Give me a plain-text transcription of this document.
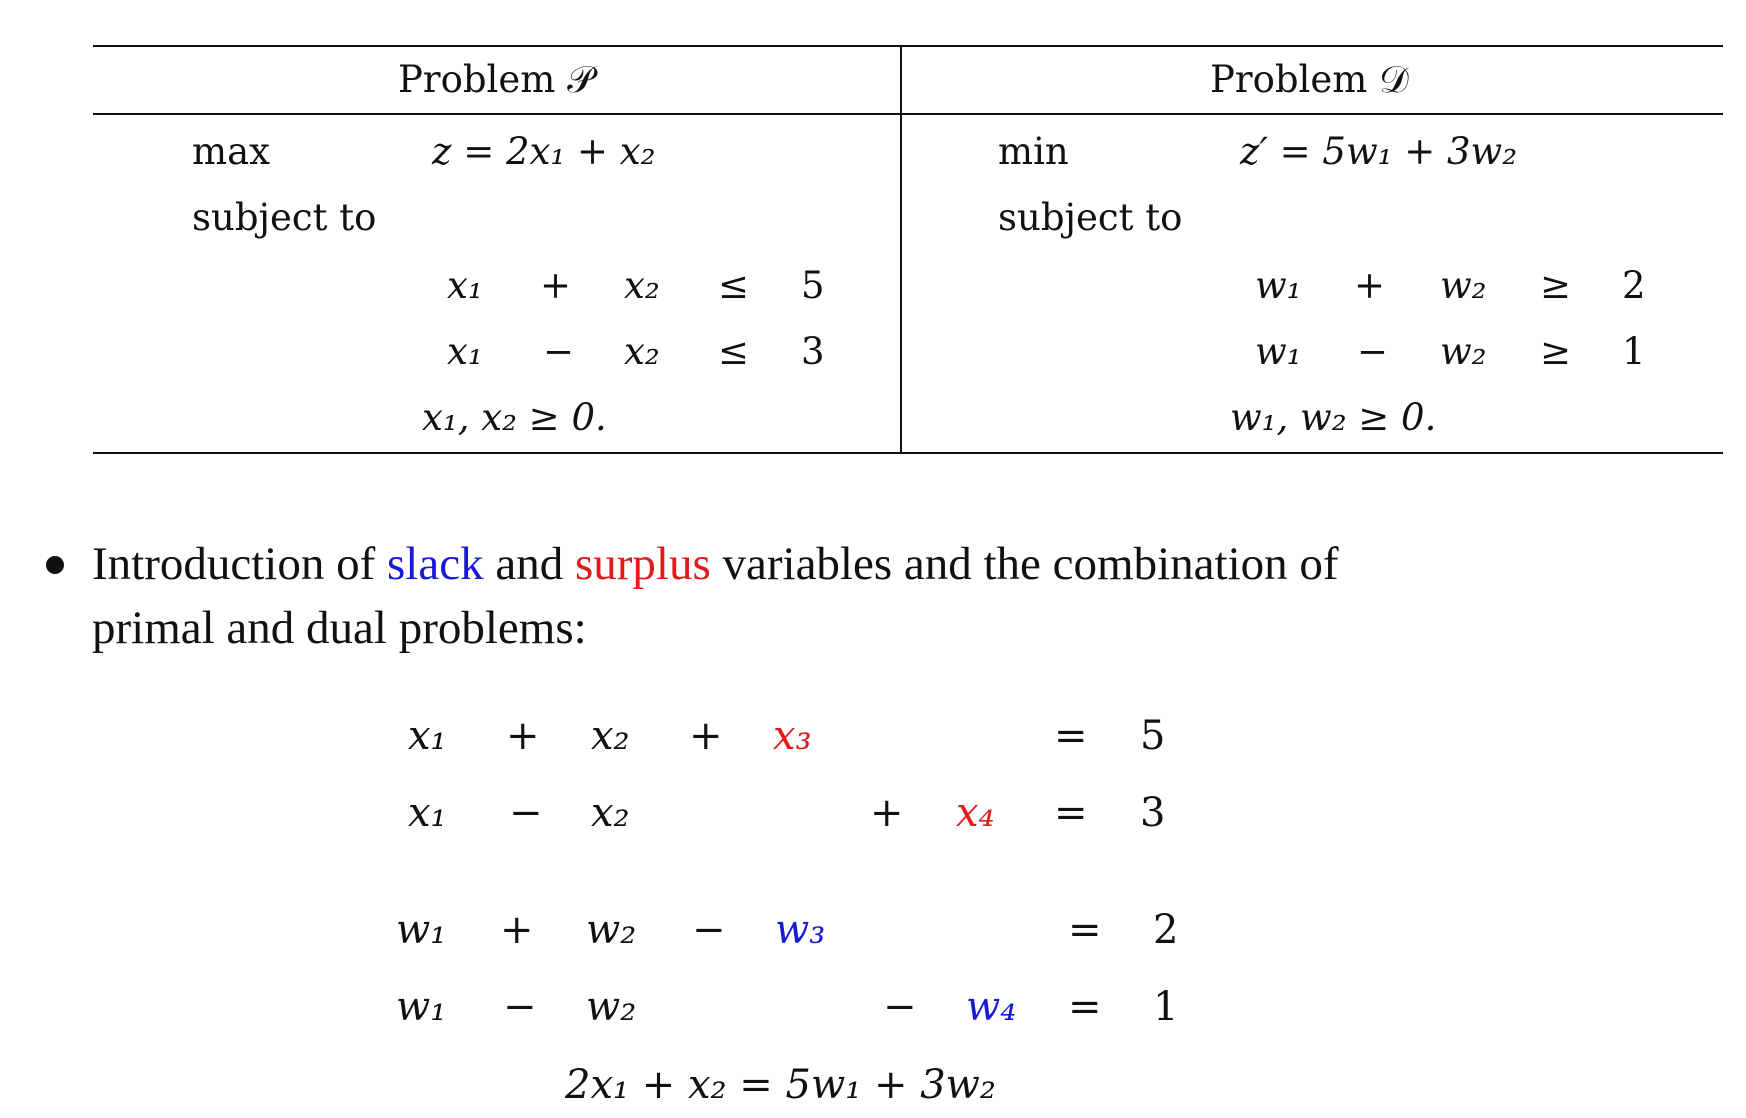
Problem 𝒫	Problem 𝒟
max	z = 2x₁ + x₂
subject to
x₁ + x₂ ≤ 5
x₁ − x₂ ≤ 3
x₁, x₂ ≥ 0.
min	z′ = 5w₁ + 3w₂
subject to
w₁ + w₂ ≥ 2
w₁ − w₂ ≥ 1
w₁, w₂ ≥ 0.
Introduction of slack and surplus variables and the combination of
primal and dual problems:
x₁ + x₂ + x₃	= 5
x₁ − x₂	+ x₄ = 3
w₁ + w₂ − w₃	= 2
w₁ − w₂	− w₄ = 1
2x₁ + x₂ = 5w₁ + 3w₂
